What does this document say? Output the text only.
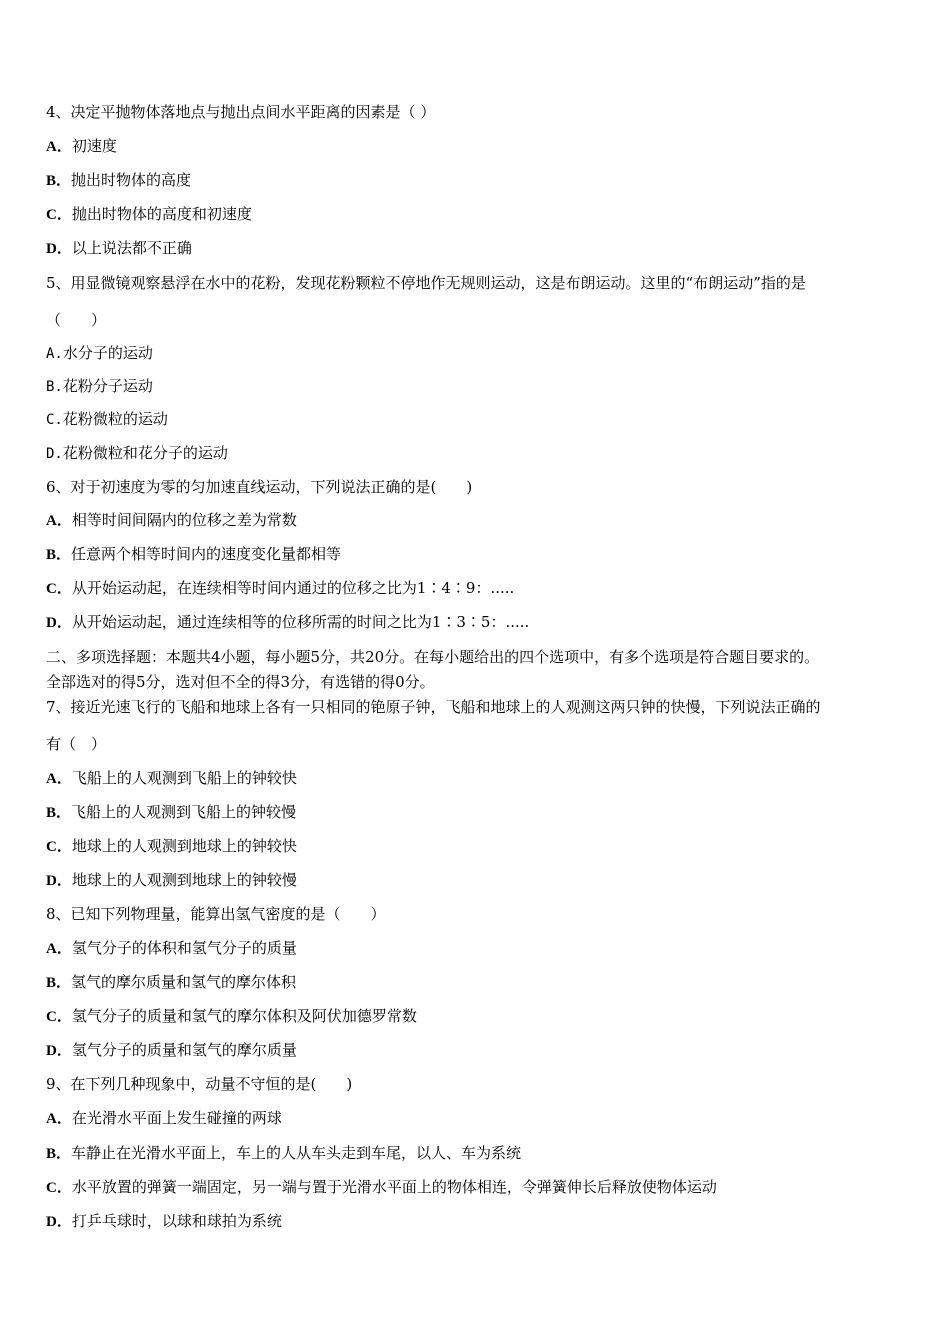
4、决定平抛物体落地点与抛出点间水平距离的因素是（ ）
A．初速度
B．抛出时物体的高度
C．抛出时物体的高度和初速度
D．以上说法都不正确
5、用显微镜观察悬浮在水中的花粉，发现花粉颗粒不停地作无规则运动，这是布朗运动。这里的“布朗运动”指的是
（　　）
A.水分子的运动
B.花粉分子运动
C.花粉微粒的运动
D.花粉微粒和花分子的运动
6、对于初速度为零的匀加速直线运动，下列说法正确的是(　　)
A．相等时间间隔内的位移之差为常数
B．任意两个相等时间内的速度变化量都相等
C．从开始运动起，在连续相等时间内通过的位移之比为1∶4∶9：.....
D．从开始运动起，通过连续相等的位移所需的时间之比为1∶3∶5：.....
二、多项选择题：本题共4小题，每小题5分，共20分。在每小题给出的四个选项中，有多个选项是符合题目要求的。
全部选对的得5分，选对但不全的得3分，有选错的得0分。
7、接近光速飞行的飞船和地球上各有一只相同的铯原子钟，飞船和地球上的人观测这两只钟的快慢，下列说法正确的
有（　）
A．飞船上的人观测到飞船上的钟较快
B．飞船上的人观测到飞船上的钟较慢
C．地球上的人观测到地球上的钟较快
D．地球上的人观测到地球上的钟较慢
8、已知下列物理量，能算出氢气密度的是（　　）
A．氢气分子的体积和氢气分子的质量
B．氢气的摩尔质量和氢气的摩尔体积
C．氢气分子的质量和氢气的摩尔体积及阿伏加德罗常数
D．氢气分子的质量和氢气的摩尔质量
9、在下列几种现象中，动量不守恒的是(　　)
A．在光滑水平面上发生碰撞的两球
B．车静止在光滑水平面上，车上的人从车头走到车尾，以人、车为系统
C．水平放置的弹簧一端固定，另一端与置于光滑水平面上的物体相连，令弹簧伸长后释放使物体运动
D．打乒乓球时，以球和球拍为系统
